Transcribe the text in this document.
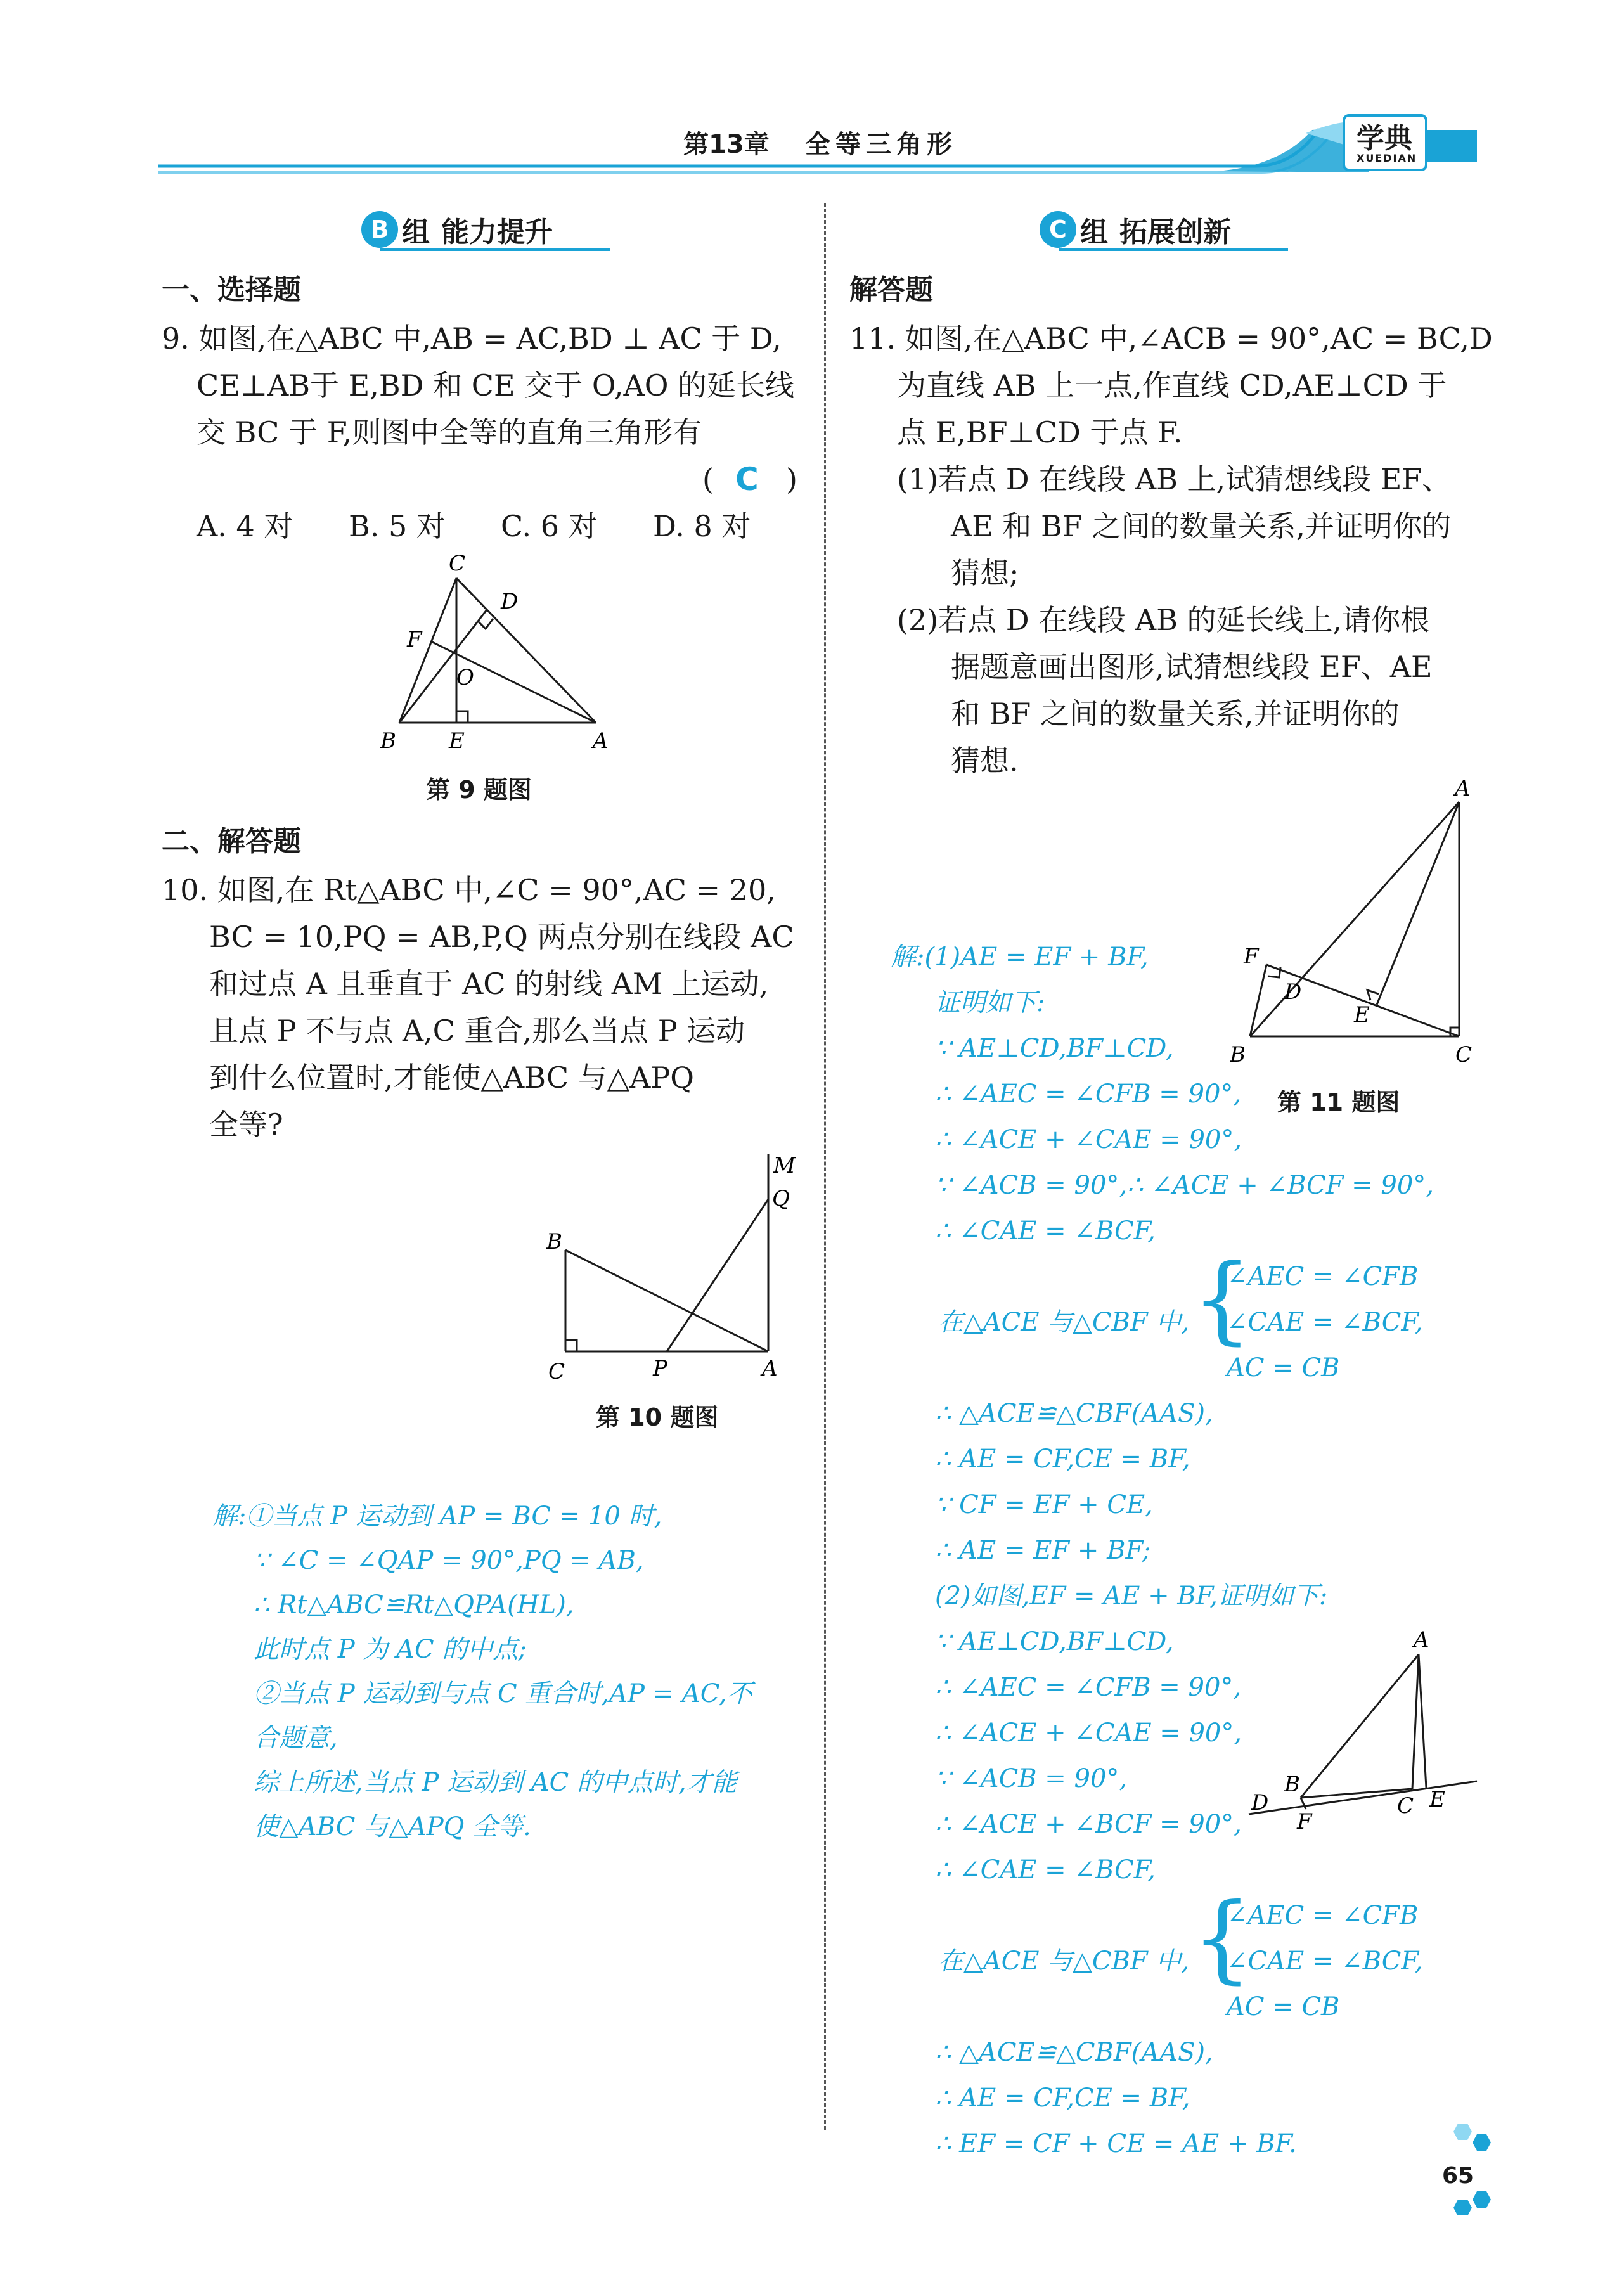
第13章 全等三角形	学典
XUEDIAN
B 组 能力提升
一、选择题
9. 如图,在△ABC 中,AB = AC,BD ⊥ AC 于 D,
CE⊥AB于 E,BD 和 CE 交于 O,AO 的延长线
交 BC 于 F,则图中全等的直角三角形有
( C )
A. 4 对 B. 5 对 C. 6 对 D. 8 对
C
D
F
O
B E	A
第 9 题图
二、解答题
10. 如图,在 Rt△ABC 中,∠C = 90°,AC = 20,
BC = 10,PQ = AB,P,Q 两点分别在线段 AC
和过点 A 且垂直于 AC 的射线 AM 上运动,
且点 P 不与点 A,C 重合,那么当点 P 运动
到什么位置时,才能使△ABC 与△APQ
全等?
M
Q
B
C	P	A
第 10 题图
解:①当点 P 运动到 AP = BC = 10 时,
∵ ∠C = ∠QAP = 90°,PQ = AB,
∴ Rt△ABC≌Rt△QPA(HL),
此时点 P 为 AC 的中点;
②当点 P 运动到与点 C 重合时,AP = AC,不
合题意,
综上所述,当点 P 运动到 AC 的中点时,才能
使△ABC 与△APQ 全等.
C 组 拓展创新
解答题
11. 如图,在△ABC 中,∠ACB = 90°,AC = BC,D
为直线 AB 上一点,作直线 CD,AE⊥CD 于
点 E,BF⊥CD 于点 F.
(1)若点 D 在线段 AB 上,试猜想线段 EF、
AE 和 BF 之间的数量关系,并证明你的
猜想;
(2)若点 D 在线段 AB 的延长线上,请你根
据题意画出图形,试猜想线段 EF、AE
和 BF 之间的数量关系,并证明你的
猜想.
A
F
D
E
B	C
第 11 题图
解:(1)AE = EF + BF,
证明如下:
∵ AE⊥CD,BF⊥CD,
∴ ∠AEC = ∠CFB = 90°,
∴ ∠ACE + ∠CAE = 90°,
∵ ∠ACB = 90°,∴ ∠ACE + ∠BCF = 90°,
∴ ∠CAE = ∠BCF,
在△ACE 与△CBF 中, {
∠AEC = ∠CFB
∠CAE = ∠BCF,
AC = CB
∴ △ACE≌△CBF(AAS),
∴ AE = CF,CE = BF,
∵ CF = EF + CE,
∴ AE = EF + BF;
(2)如图,EF = AE + BF,证明如下:
∵ AE⊥CD,BF⊥CD,
∴ ∠AEC = ∠CFB = 90°,
∴ ∠ACE + ∠CAE = 90°,
∵ ∠ACB = 90°,
∴ ∠ACE + ∠BCF = 90°,
∴ ∠CAE = ∠BCF,
A
B
D
F
C E
在△ACE 与△CBF 中, {
∠AEC = ∠CFB
∠CAE = ∠BCF,
AC = CB
∴ △ACE≌△CBF(AAS),
∴ AE = CF,CE = BF,
∴ EF = CF + CE = AE + BF.
65
